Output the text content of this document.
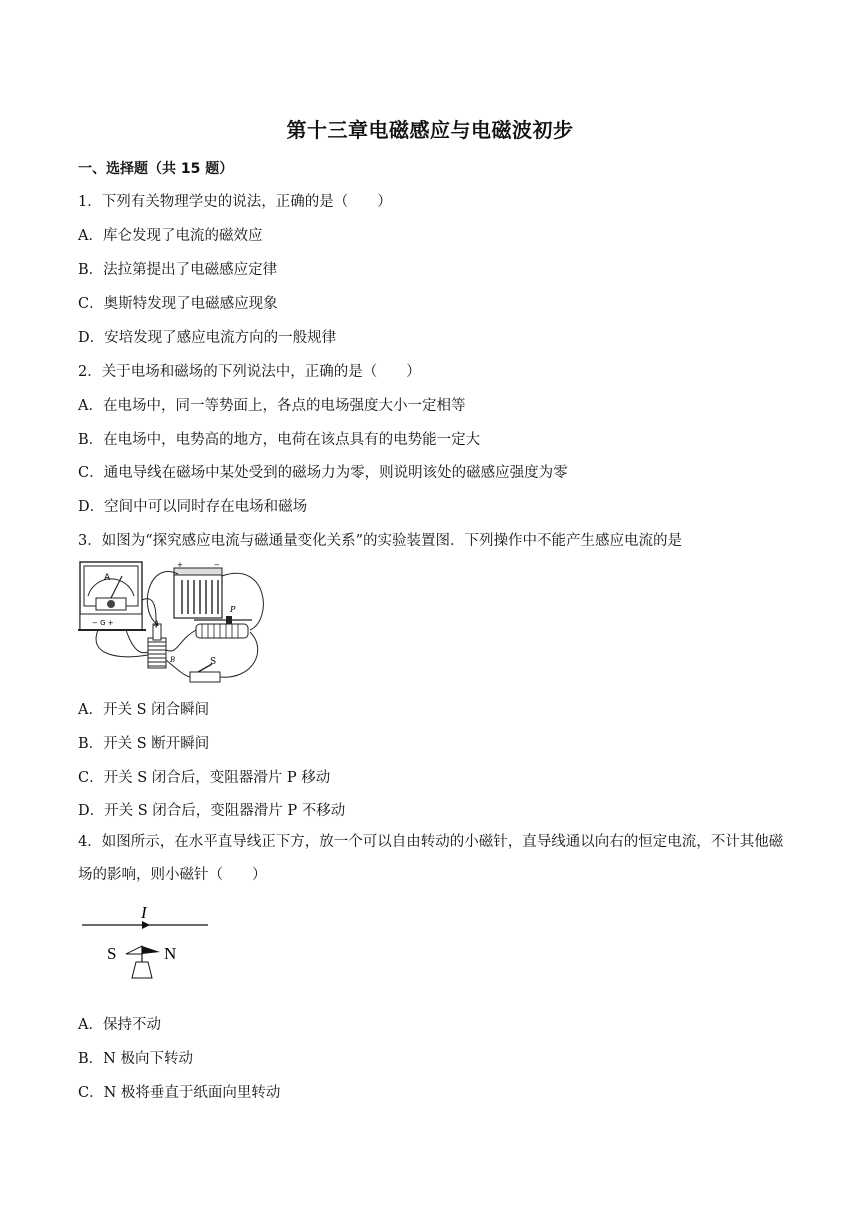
第十三章电磁感应与电磁波初步
一、选择题（共 15 题）
1．下列有关物理学史的说法，正确的是（　　）
A．库仑发现了电流的磁效应
B．法拉第提出了电磁感应定律
C．奥斯特发现了电磁感应现象
D．安培发现了感应电流方向的一般规律
2．关于电场和磁场的下列说法中，正确的是（　　）
A．在电场中，同一等势面上，各点的电场强度大小一定相等
B．在电场中，电势高的地方，电荷在该点具有的电势能一定大
C．通电导线在磁场中某处受到的磁场力为零，则说明该处的磁感应强度为零
D．空间中可以同时存在电场和磁场
3．如图为“探究感应电流与磁通量变化关系”的实验装置图．下列操作中不能产生感应电流的是
A
− G +
+	−
A
B
P
S
A．开关 S 闭合瞬间
B．开关 S 断开瞬间
C．开关 S 闭合后，变阻器滑片 P 移动
D．开关 S 闭合后，变阻器滑片 P 不移动
4．如图所示，在水平直导线正下方，放一个可以自由转动的小磁针，直导线通以向右的恒定电流，不计其他磁场的影响，则小磁针（　　）
I
S	N
A．保持不动
B．N 极向下转动
C．N 极将垂直于纸面向里转动
